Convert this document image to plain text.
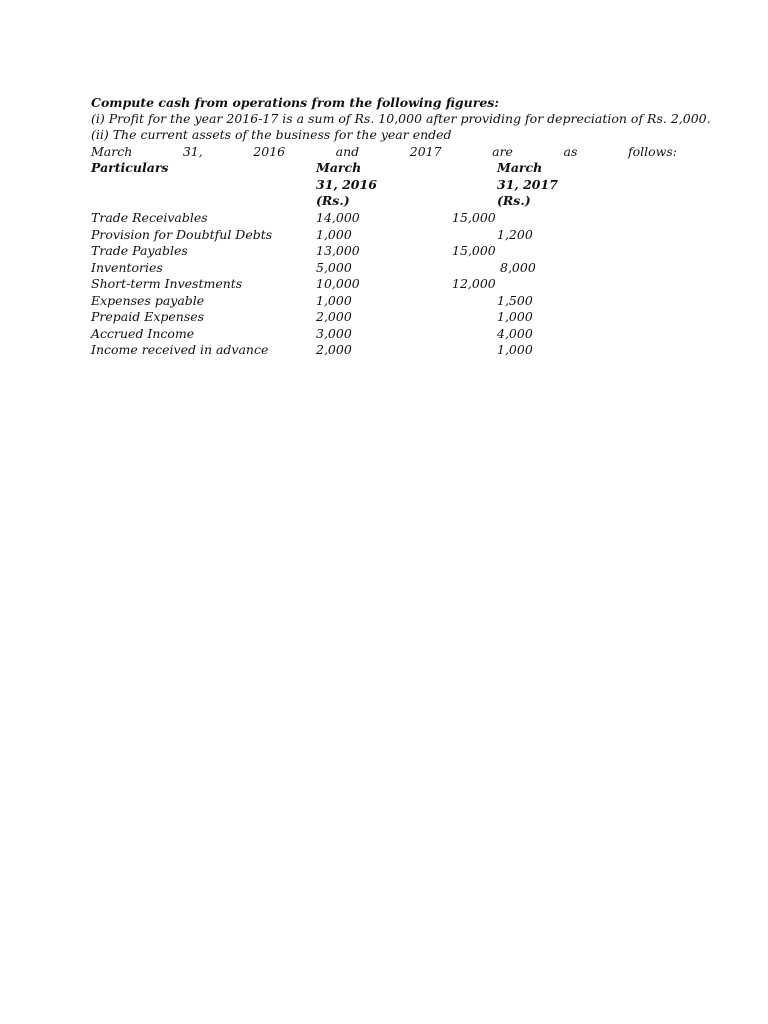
Compute cash from operations from the following figures:
(i) Profit for the year 2016-17 is a sum of Rs. 10,000 after providing for depreciation of Rs. 2,000.
(ii) The current assets of the business for the year ended
March	31,	2016	and	2017	are	as	follows:
Particulars	March
31, 2016
(Rs.)
March
31, 2017
(Rs.)
Trade Receivables	14,000	15,000
Provision for Doubtful Debts	1,000	1,200
Trade Payables	13,000	15,000
Inventories	5,000	8,000
Short-term Investments	10,000	12,000
Expenses payable	1,000	1,500
Prepaid Expenses	2,000	1,000
Accrued Income	3,000	4,000
Income received in advance	2,000	1,000
